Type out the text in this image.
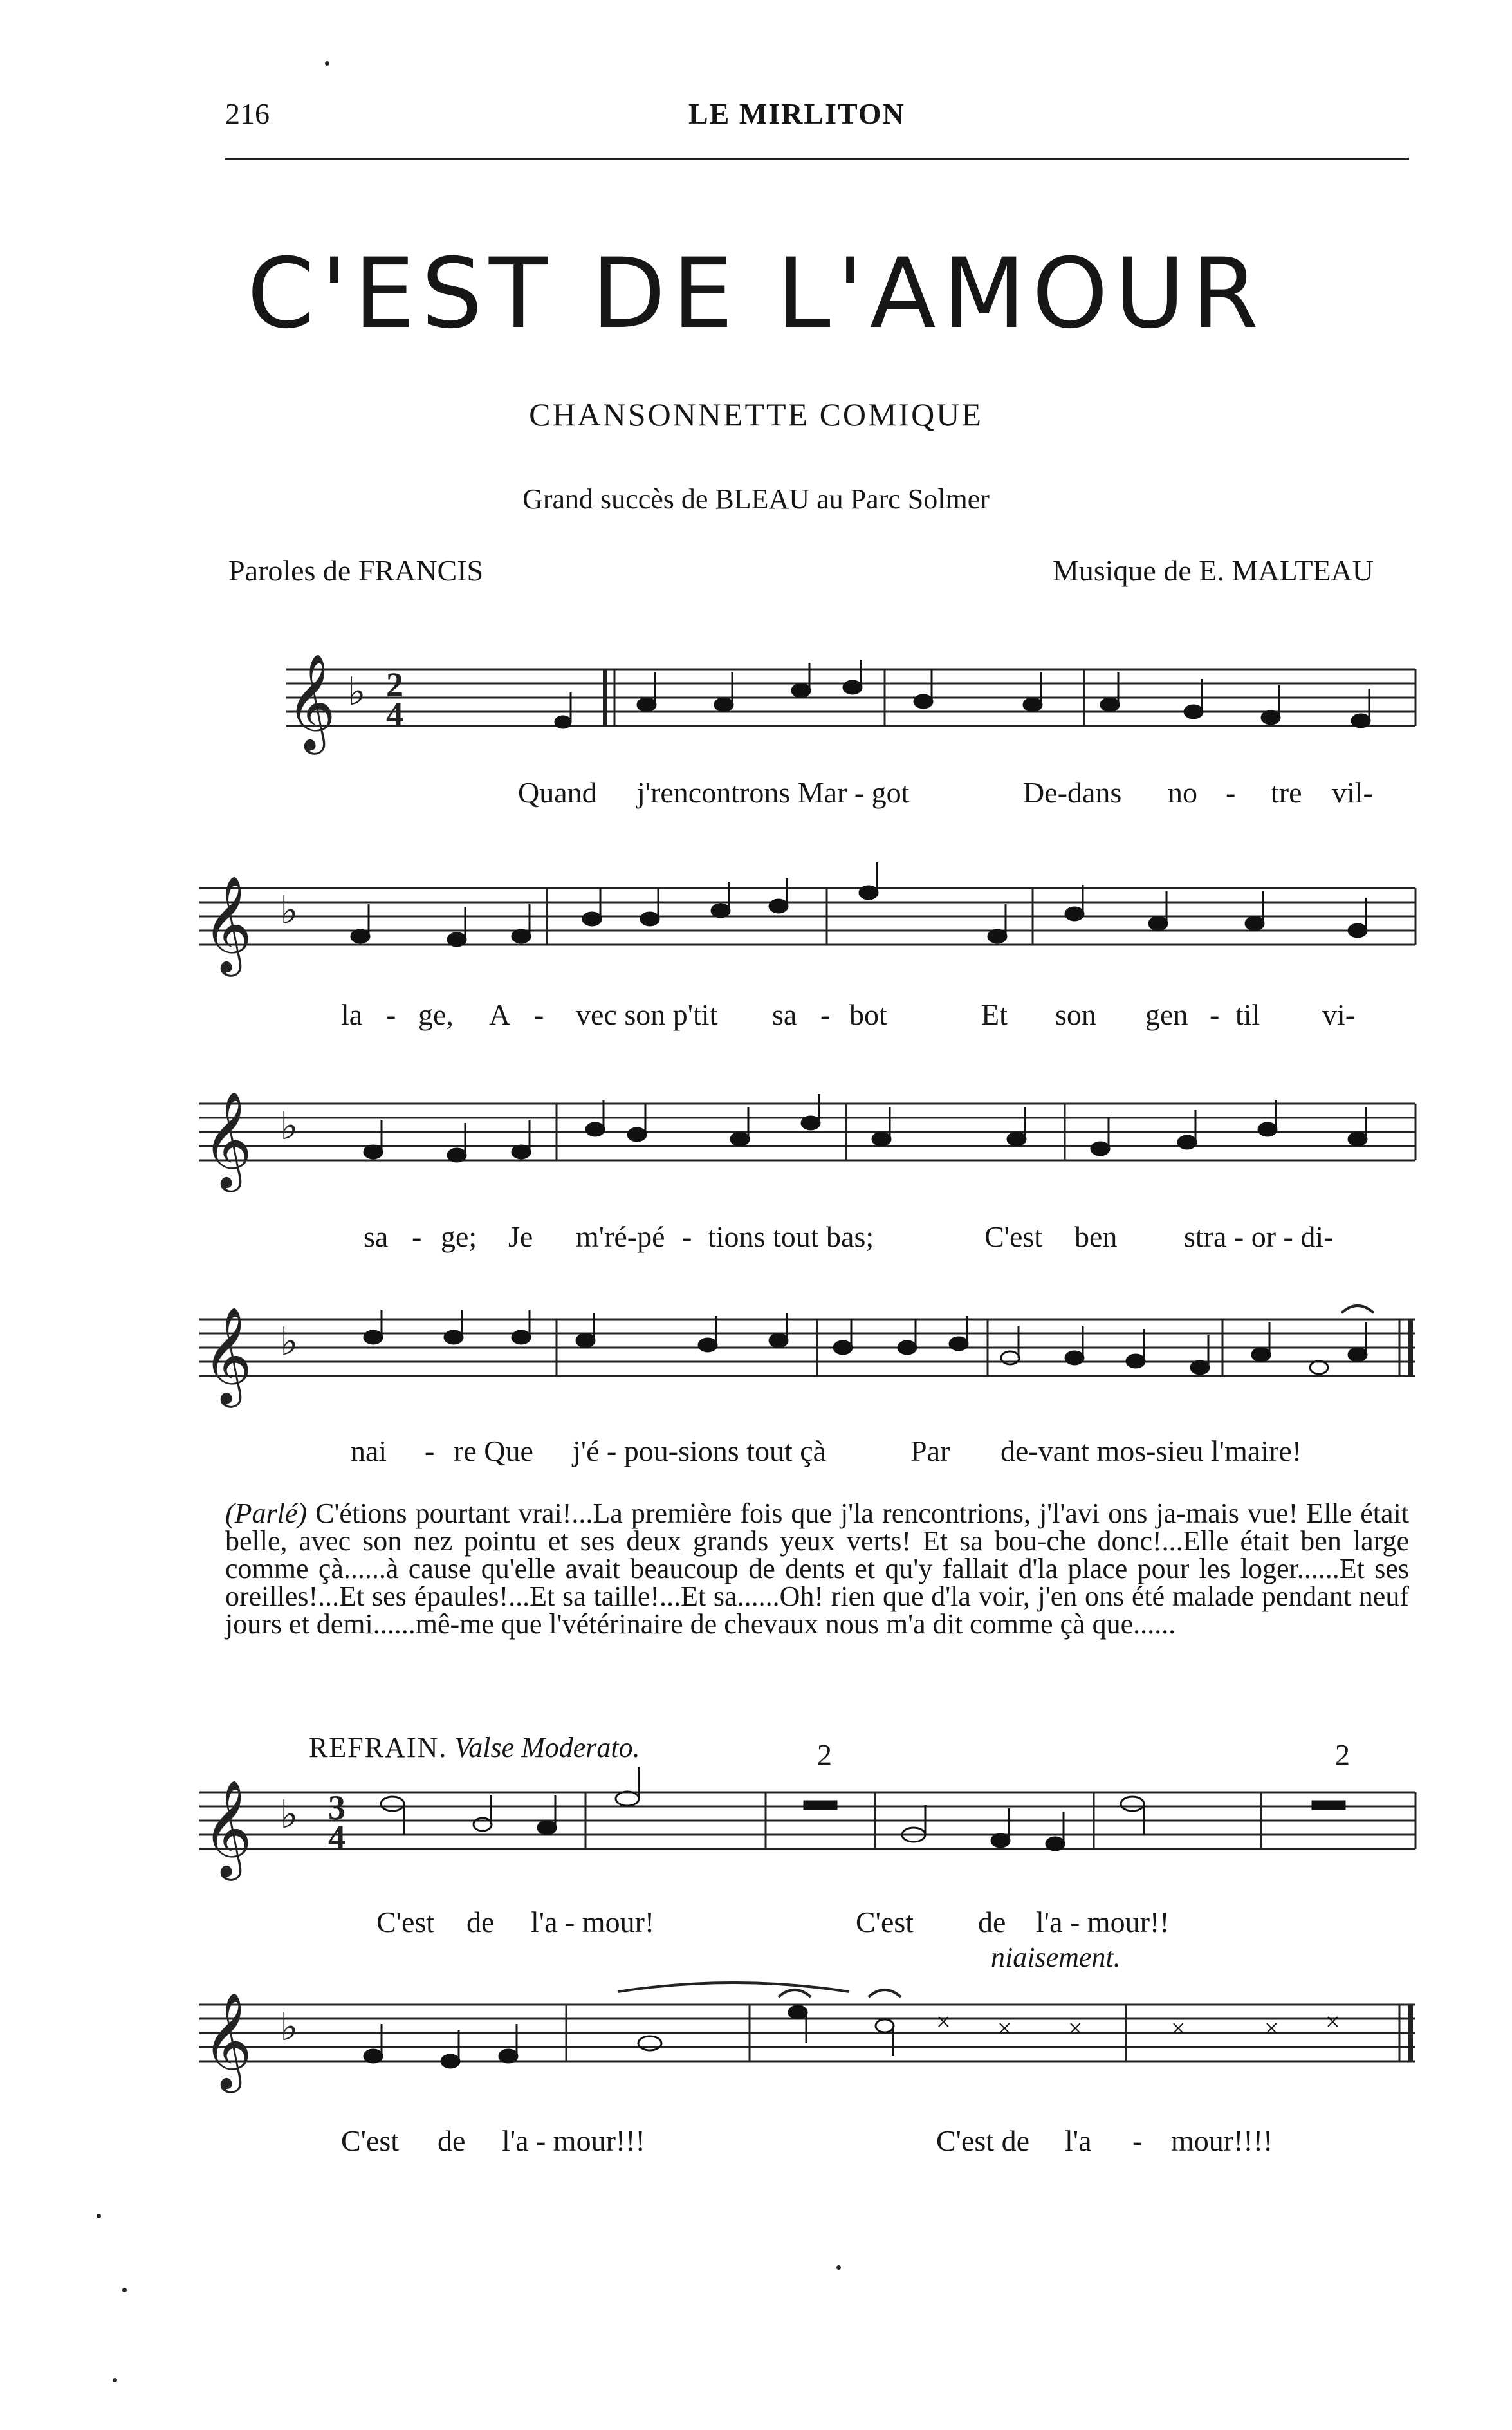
216	LE MIRLITON
C'EST DE L'AMOUR
CHANSONNETTE COMIQUE
Grand succès de BLEAU au Parc Solmer
Paroles de FRANCIS	Musique de E. MALTEAU
𝄞 ♭ 2
4
Quand j'rencontrons Mar - got	De-dans no - tre vil-
𝄞 ♭
la - ge, A - vec son p'tit sa - bot	Et son gen - til vi-
𝄞 ♭
sa - ge; Je m'ré-pé - tions tout bas;	C'est ben stra - or - di-
𝄞 ♭
nai - re Que j'é - pou-sions tout çà	Par de-vant mos-sieu l'maire!
(Parlé) C'étions pourtant vrai!...La première fois que j'la rencontrions, j'l'avi ons ja-mais vue! Elle était belle, avec son nez pointu et ses deux grands yeux verts! Et sa bou-che donc!...Elle était ben large comme çà......à cause qu'elle avait beaucoup de dents et qu'y fallait d'la place pour les loger......Et ses oreilles!...Et ses épaules!...Et sa taille!...Et sa......Oh! rien que d'la voir, j'en ons été malade pendant neuf jours et demi......mê-me que l'vétérinaire de chevaux nous m'a dit comme çà que......
REFRAIN. Valse Moderato.	2	2
𝄞 ♭ 3
4
C'est de l'a - mour!	C'est de l'a - mour!!
niaisement.
𝄞 ♭	× × ×	×	× ×
C'est de l'a - mour!!!	C'est de l'a - mour!!!!
